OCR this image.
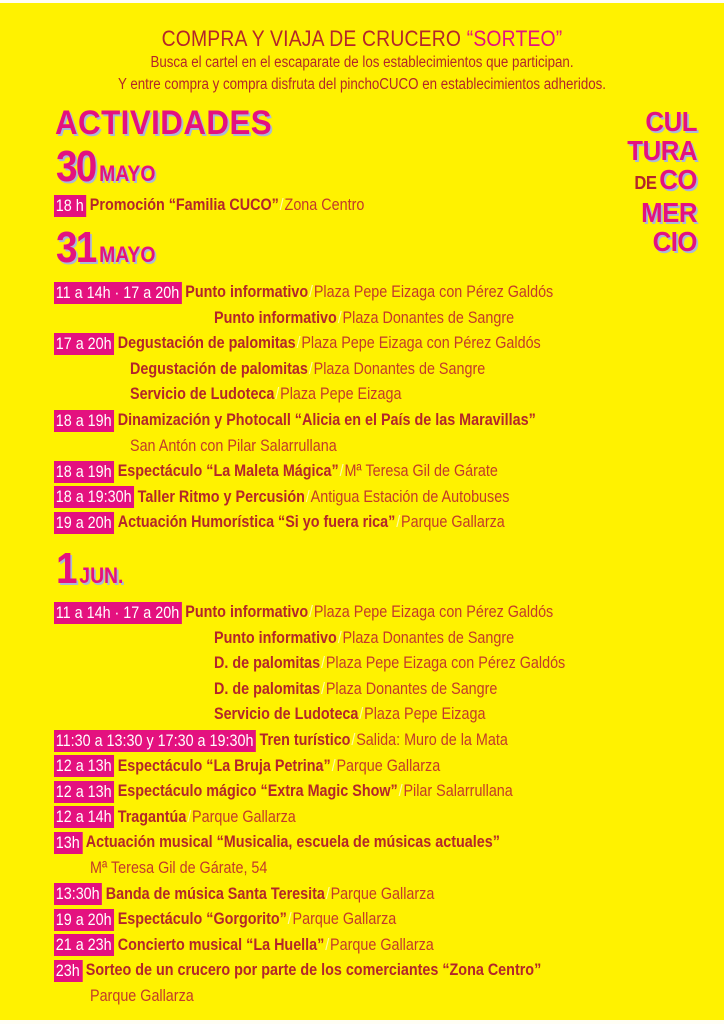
COMPRA Y VIAJA DE CRUCERO “SORTEO”
Busca el cartel en el escaparate de los establecimientos que participan.
Y entre compra y compra disfruta del pinchoCUCO en establecimientos adheridos.
ACTIVIDADES	CUL
TURA
DECO
MER
CIO
30 MAYO
18 h Promoción “Familia CUCO” / Zona Centro
31 MAYO
11 a 14h · 17 a 20h Punto informativo / Plaza Pepe Eizaga con Pérez Galdós
Punto informativo / Plaza Donantes de Sangre
17 a 20h Degustación de palomitas / Plaza Pepe Eizaga con Pérez Galdós
Degustación de palomitas / Plaza Donantes de Sangre
Servicio de Ludoteca / Plaza Pepe Eizaga
18 a 19h Dinamización y Photocall “Alicia en el País de las Maravillas”
San Antón con Pilar Salarrullana
18 a 19h Espectáculo “La Maleta Mágica” / Mª Teresa Gil de Gárate
18 a 19:30h Taller Ritmo y Percusión / Antigua Estación de Autobuses
19 a 20h Actuación Humorística “Si yo fuera rica” / Parque Gallarza
1 JUN.
11 a 14h · 17 a 20h Punto informativo / Plaza Pepe Eizaga con Pérez Galdós
Punto informativo / Plaza Donantes de Sangre
D. de palomitas / Plaza Pepe Eizaga con Pérez Galdós
D. de palomitas / Plaza Donantes de Sangre
Servicio de Ludoteca / Plaza Pepe Eizaga
11:30 a 13:30 y 17:30 a 19:30h Tren turístico / Salida: Muro de la Mata
12 a 13h Espectáculo “La Bruja Petrina” / Parque Gallarza
12 a 13h Espectáculo mágico “Extra Magic Show” / Pilar Salarrullana
12 a 14h Tragantúa / Parque Gallarza
13h Actuación musical “Musicalia, escuela de músicas actuales”
Mª Teresa Gil de Gárate, 54
13:30h Banda de música Santa Teresita / Parque Gallarza
19 a 20h Espectáculo “Gorgorito” / Parque Gallarza
21 a 23h Concierto musical “La Huella” / Parque Gallarza
23h Sorteo de un crucero por parte de los comerciantes “Zona Centro”
Parque Gallarza
